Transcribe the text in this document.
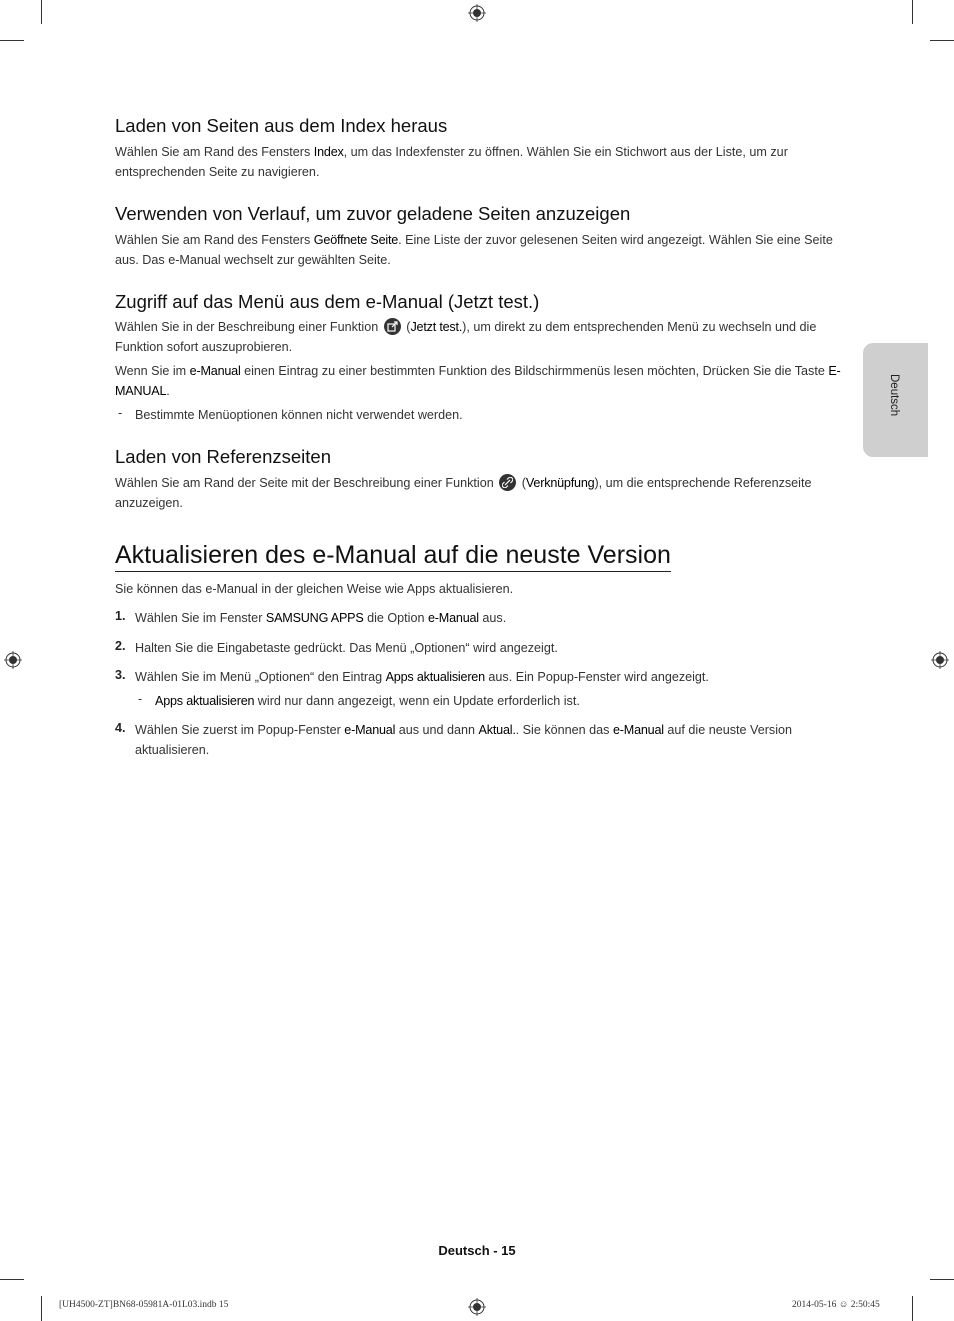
Deutsch
Laden von Seiten aus dem Index heraus
Wählen Sie am Rand des Fensters Index, um das Indexfenster zu öffnen. Wählen Sie ein Stichwort aus der Liste, um zur entsprechenden Seite zu navigieren.
Verwenden von Verlauf, um zuvor geladene Seiten anzuzeigen
Wählen Sie am Rand des Fensters Geöffnete Seite. Eine Liste der zuvor gelesenen Seiten wird angezeigt. Wählen Sie eine Seite aus. Das e-Manual wechselt zur gewählten Seite.
Zugriff auf das Menü aus dem e-Manual (Jetzt test.)
Wählen Sie in der Beschreibung einer Funktion
(Jetzt test.), um direkt zu dem entsprechenden Menü zu wechseln und die Funktion sofort auszuprobieren.
Wenn Sie im e-Manual einen Eintrag zu einer bestimmten Funktion des Bildschirmmenüs lesen möchten, Drücken Sie die Taste E-MANUAL.
- Bestimmte Menüoptionen können nicht verwendet werden.
Laden von Referenzseiten
Wählen Sie am Rand der Seite mit der Beschreibung einer Funktion
(Verknüpfung), um die entsprechende Referenzseite anzuzeigen.
Aktualisieren des e-Manual auf die neuste Version
Sie können das e-Manual in der gleichen Weise wie Apps aktualisieren.
1. Wählen Sie im Fenster SAMSUNG APPS die Option e-Manual aus.
2. Halten Sie die Eingabetaste gedrückt. Das Menü „Optionen“ wird angezeigt.
3. Wählen Sie im Menü „Optionen“ den Eintrag Apps aktualisieren aus. Ein Popup-Fenster wird angezeigt.
- Apps aktualisieren wird nur dann angezeigt, wenn ein Update erforderlich ist.
4. Wählen Sie zuerst im Popup-Fenster e-Manual aus und dann Aktual.. Sie können das e-Manual auf die neuste Version aktualisieren.
Deutsch - 15
[UH4500-ZT]BN68-05981A-01L03.indb 15	2014-05-16 ☺ 2:50:45
